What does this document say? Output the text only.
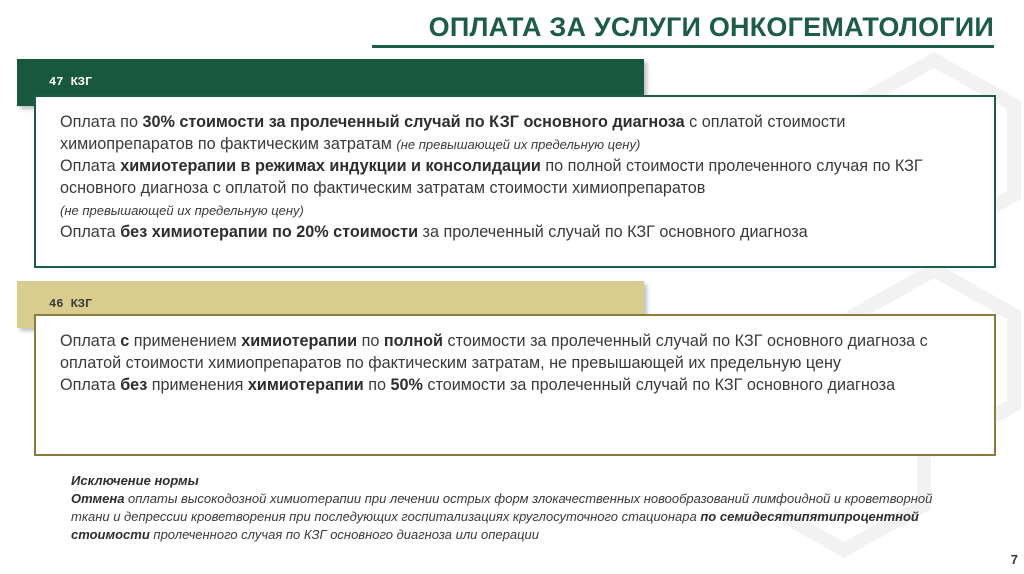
ОПЛАТА ЗА УСЛУГИ ОНКОГЕМАТОЛОГИИ
47 КЗГ
Оплата по 30% стоимости за пролеченный случай по КЗГ основного диагноза с оплатой стоимости химиопрепаратов по фактическим затратам (не превышающей их предельную цену)
Оплата химиотерапии в режимах индукции и консолидации по полной стоимости пролеченного случая по КЗГ основного диагноза с оплатой по фактическим затратам стоимости химиопрепаратов
(не превышающей их предельную цену)
Оплата без химиотерапии по 20% стоимости за пролеченный случай по КЗГ основного диагноза
46 КЗГ
Оплата с применением химиотерапии по полной стоимости за пролеченный случай по КЗГ основного диагноза с оплатой стоимости химиопрепаратов по фактическим затратам, не превышающей их предельную цену
Оплата без применения химиотерапии по 50% стоимости за пролеченный случай по КЗГ основного диагноза
Исключение нормы
Отмена оплаты высокодозной химиотерапии при лечении острых форм злокачественных новообразований лимфоидной и кроветворной ткани и депрессии кроветворения при последующих госпитализациях круглосуточного стационара по семидесятипятипроцентной стоимости пролеченного случая по КЗГ основного диагноза или операции
7
